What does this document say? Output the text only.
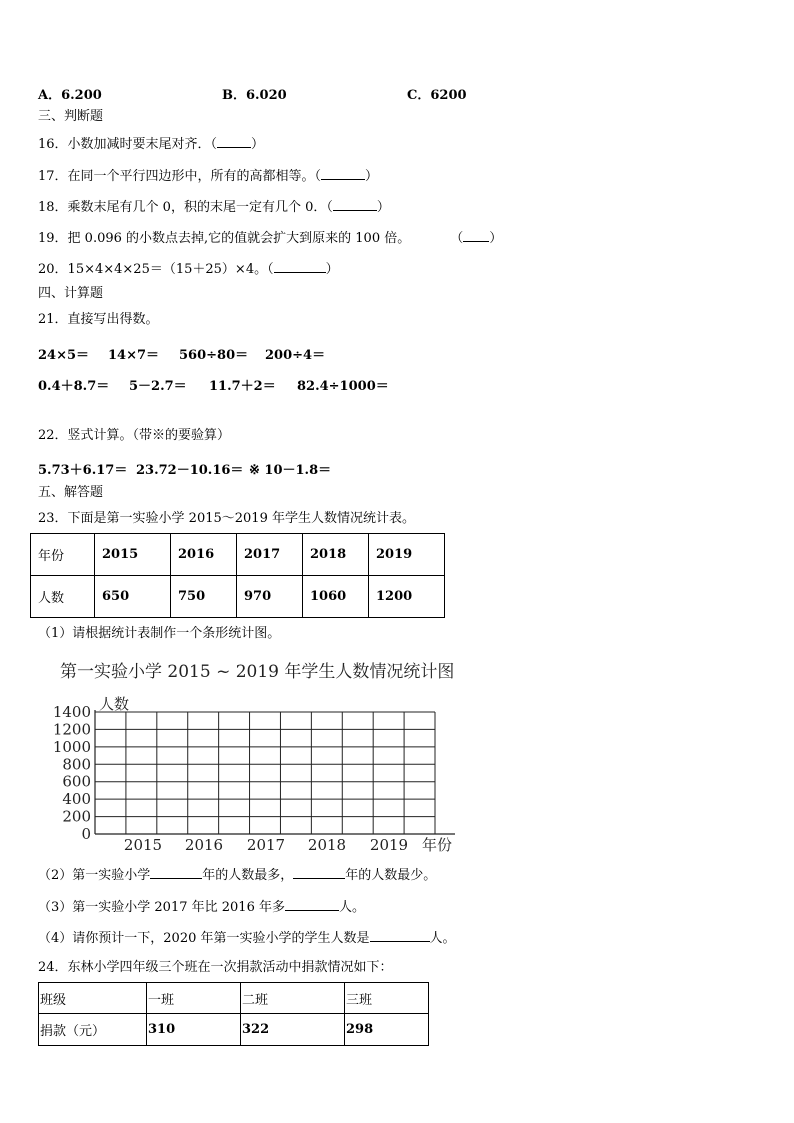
A．6.200	B．6.020	C．6200
三、判断题
16．小数加减时要末尾对齐．（	）
17．在同一个平行四边形中，所有的高都相等。（	）
18．乘数末尾有几个 0，积的末尾一定有几个 0．（	）
19．把 0.096 的小数点去掉,它的值就会扩大到原来的 100 倍。	（ ）
20．15×4×4×25＝（15＋25）×4。（	）
四、计算题
21．直接写出得数。
24×5＝ 14×7＝ 560÷80＝ 200÷4＝
0.4＋8.7＝ 5－2.7＝ 11.7＋2＝ 82.4÷1000＝
22．竖式计算。（带※的要验算）
5.73＋6.17＝ 23.72－10.16＝ ※ 10－1.8＝
五、解答题
23．下面是第一实验小学 2015～2019 年学生人数情况统计表。
年份	2015	2016	2017	2018	2019
人数	650	750	970	1060	1200
（1）请根据统计表制作一个条形统计图。
第一实验小学 2015 ~ 2019 年学生人数情况统计图
0
200
400
600
800
1000
1200
1400 人数
2015 2016 2017 2018 2019 年份
（2）第一实验小学	年的人数最多，	年的人数最少。
（3）第一实验小学 2017 年比 2016 年多	人。
（4）请你预计一下，2020 年第一实验小学的学生人数是	人。
24．东林小学四年级三个班在一次捐款活动中捐款情况如下：
班级	一班	二班	三班
捐款（元）	310	322	298
